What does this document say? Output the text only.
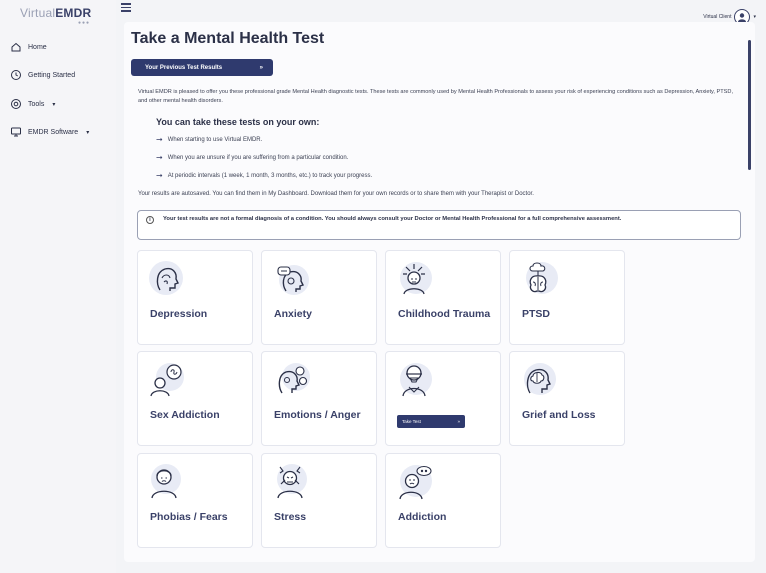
VirtualEMDR
●●●
Home
Getting Started
Tools ▾
EMDR Software ▾
Virtual Client	▾
Take a Mental Health Test
Your Previous Test Results	»

Virtual EMDR is pleased to offer you these professional grade Mental Health diagnostic tests. These tests are commonly used by Mental Health Professionals to assess your risk of experiencing conditions such as Depression, Anxiety, PTSD, and other mental health disorders.

You can take these tests on your own:
➞ When starting to use Virtual EMDR.
➞ When you are unsure if you are suffering from a particular condition.
➞ At periodic intervals (1 week, 1 month, 3 months, etc.) to track your progress.
Your results are autosaved. You can find them in My Dashboard. Download them for your own records or to share them with your Therapist or Doctor.
i	Your test results are not a formal diagnosis of a condition. You should always consult your Doctor or Mental Health Professional for a full comprehensive assessment.
Depression	Anxiety	Childhood Trauma	PTSD
Sex Addiction	Emotions / Anger
Take Test	»
Grief and Loss
Phobias / Fears	Stress	Addiction
